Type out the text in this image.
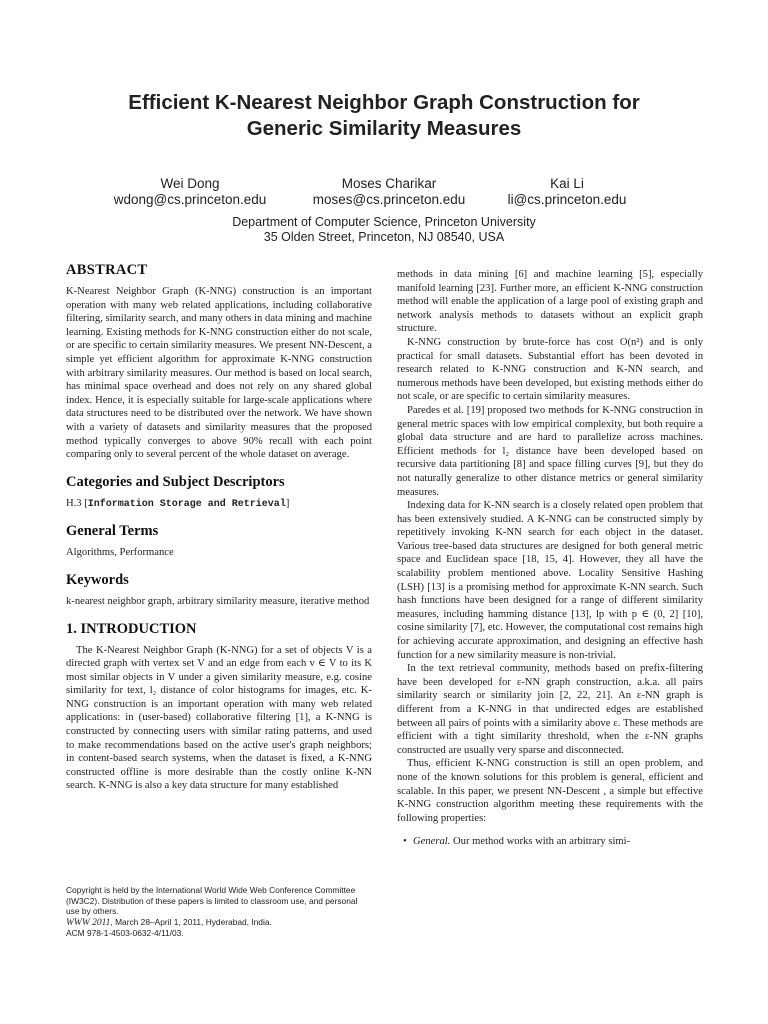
Efficient K-Nearest Neighbor Graph Construction for
Generic Similarity Measures
Wei Dong
wdong@cs.princeton.edu
Moses Charikar
moses@cs.princeton.edu
Kai Li
li@cs.princeton.edu
Department of Computer Science, Princeton University
35 Olden Street, Princeton, NJ 08540, USA
ABSTRACT

K-Nearest Neighbor Graph (K-NNG) construction is an important operation with many web related applications, including collaborative filtering, similarity search, and many others in data mining and machine learning. Existing methods for K-NNG construction either do not scale, or are specific to certain similarity measures. We present NN-Descent, a simple yet efficient algorithm for approximate K-NNG construction with arbitrary similarity measures. Our method is based on local search, has minimal space overhead and does not rely on any shared global index. Hence, it is especially suitable for large-scale applications where data structures need to be distributed over the network. We have shown with a variety of datasets and similarity measures that the proposed method typically converges to above 90% recall with each point comparing only to several percent of the whole dataset on average.

Categories and Subject Descriptors

H.3 [Information Storage and Retrieval]

General Terms

Algorithms, Performance

Keywords

k-nearest neighbor graph, arbitrary similarity measure, iterative method

1. INTRODUCTION

The K-Nearest Neighbor Graph (K-NNG) for a set of objects V is a directed graph with vertex set V and an edge from each v ∈ V to its K most similar objects in V under a given similarity measure, e.g. cosine similarity for text, l₂ distance of color histograms for images, etc. K-NNG construction is an important operation with many web related applications: in (user-based) collaborative filtering [1], a K-NNG is constructed by connecting users with similar rating patterns, and used to make recommendations based on the active user's graph neighbors; in content-based search systems, when the dataset is fixed, a K-NNG constructed offline is more desirable than the costly online K-NN search. K-NNG is also a key data structure for many established

Copyright is held by the International World Wide Web Conference Committee (IW3C2). Distribution of these papers is limited to classroom use, and personal use by others.
WWW 2011, March 28–April 1, 2011, Hyderabad, India.
ACM 978-1-4503-0632-4/11/03.

methods in data mining [6] and machine learning [5], especially manifold learning [23]. Further more, an efficient K-NNG construction method will enable the application of a large pool of existing graph and network analysis methods to datasets without an explicit graph structure.

K-NNG construction by brute-force has cost O(n²) and is only practical for small datasets. Substantial effort has been devoted in research related to K-NNG construction and K-NN search, and numerous methods have been developed, but existing methods either do not scale, or are specific to certain similarity measures.

Paredes et al. [19] proposed two methods for K-NNG construction in general metric spaces with low empirical complexity, but both require a global data structure and are hard to parallelize across machines. Efficient methods for l₂ distance have been developed based on recursive data partitioning [8] and space filling curves [9], but they do not naturally generalize to other distance metrics or general similarity measures.

Indexing data for K-NN search is a closely related open problem that has been extensively studied. A K-NNG can be constructed simply by repetitively invoking K-NN search for each object in the dataset. Various tree-based data structures are designed for both general metric space and Euclidean space [18, 15, 4]. However, they all have the scalability problem mentioned above. Locality Sensitive Hashing (LSH) [13] is a promising method for approximate K-NN search. Such hash functions have been designed for a range of different similarity measures, including hamming distance [13], lp with p ∈ (0, 2] [10], cosine similarity [7], etc. However, the computational cost remains high for achieving accurate approximation, and designing an effective hash function for a new similarity measure is non-trivial.

In the text retrieval community, methods based on prefix-filtering have been developed for ε-NN graph construction, a.k.a. all pairs similarity search or similarity join [2, 22, 21]. An ε-NN graph is different from a K-NNG in that undirected edges are established between all pairs of points with a similarity above ε. These methods are efficient with a tight similarity threshold, when the ε-NN graphs constructed are usually very sparse and disconnected.

Thus, efficient K-NNG construction is still an open problem, and none of the known solutions for this problem is general, efficient and scalable. In this paper, we present NN-Descent , a simple but effective K-NNG construction algorithm meeting these requirements with the following properties:

• General. Our method works with an arbitrary simi-
